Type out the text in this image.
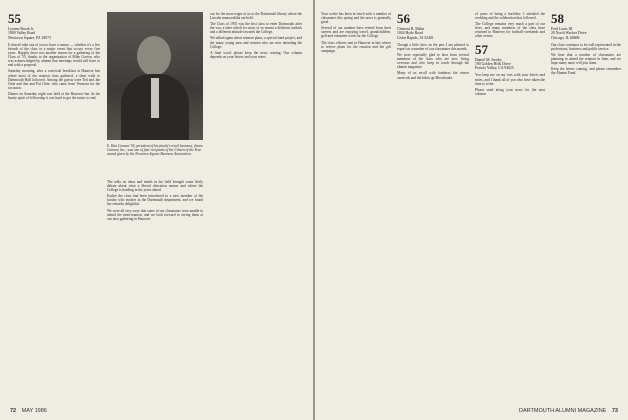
55
Lyonne Brook Jr.
1800 Valley Road
Newtown Square, PA 19073

It doesn't take one of you to have a reason — whether it's a few friends of the class or a major event that occurs every five years. Happily there was another reason for a gathering of the Class of '55, thanks to the organization of Mike Gorton, who was acknowledged by alumni that meetings would still have to end with a proposal.

Saturday morning, after a convivial breakfast at Hanover Inn where most of the reunion class gathered, a short walk to Dartmouth Hall followed. Among the guests were Ted and Jan Ottie and Jim and Pat Ottie, who came from Vermont for the occasion.

Dinner on Saturday night was held at the Hanover Inn. In the hearty spirit of fellowship it was hard to get the music to end.

E. Kim Cannon '55, president of his family's retail business, James Cannon, Inc., was one of four recipients of the Citizen of the Year award given by the Newtown Square Business Association.

The talks on ideas and trends in the field brought some lively debate about what a liberal education means and where the College is heading in the years ahead.

Earlier the class had been introduced to a new member of the faculty who teaches in the Dartmouth department, and we found her remarks delightful.

We were all very sorry that some of our classmates were unable to attend the mini-reunion, and we look forward to seeing them at our next gathering in Hanover.

out for the more eager of us to the Dartmouth library where the Lincoln memorabilia are held.

The Class of 1955 was the first class to enter Dartmouth after the war, a time which for most of us meant a different outlook and a different attitude towards the College.

We talked again about reunion plans, a special fund project, and the many young men and women who are now attending the College.

A final word: please keep the news coming. Our column depends on your letters and your notes.

72 MAY 1986

Your scribe has been in touch with a number of classmates this spring and the news is generally good.

Several of our number have retired from their careers and are enjoying travel, grandchildren, golf and volunteer work for the College.

The class officers met in Hanover in late winter to review plans for the reunion and the gift campaign.

56
Clement B. Malin
1004 Hyde Road
Cedar Rapids, IA 52401

Though a little slow on the pen, I am pleased to report on a number of our classmates this month.

We were especially glad to hear from several members of the class who are now living overseas and who keep in touch through the alumni magazine.

Many of us recall with fondness the winter carnivals and the hikes up Moosilauke.

of years of being a bachelor. I attended the wedding and the celebration that followed.

The College remains very much a part of our lives, and many members of the class have returned to Hanover for football weekends and other events.

57
Daniel M. Searby
190 Golden Hills Drive
Portola Valley, CA 94025

You keep me on my toes with your letters and notes, and I thank all of you who have taken the time to write.

Please send along your news for the next column.

58
Fred Louis III
20 North Wacker Drive
Chicago, IL 60606

Our class continues to be well represented in the professions, business and public service.

We hear that a number of classmates are planning to attend the reunion in June, and we hope many more will join them.

Keep the letters coming, and please remember the Alumni Fund.

DARTMOUTH ALUMNI MAGAZINE 73
